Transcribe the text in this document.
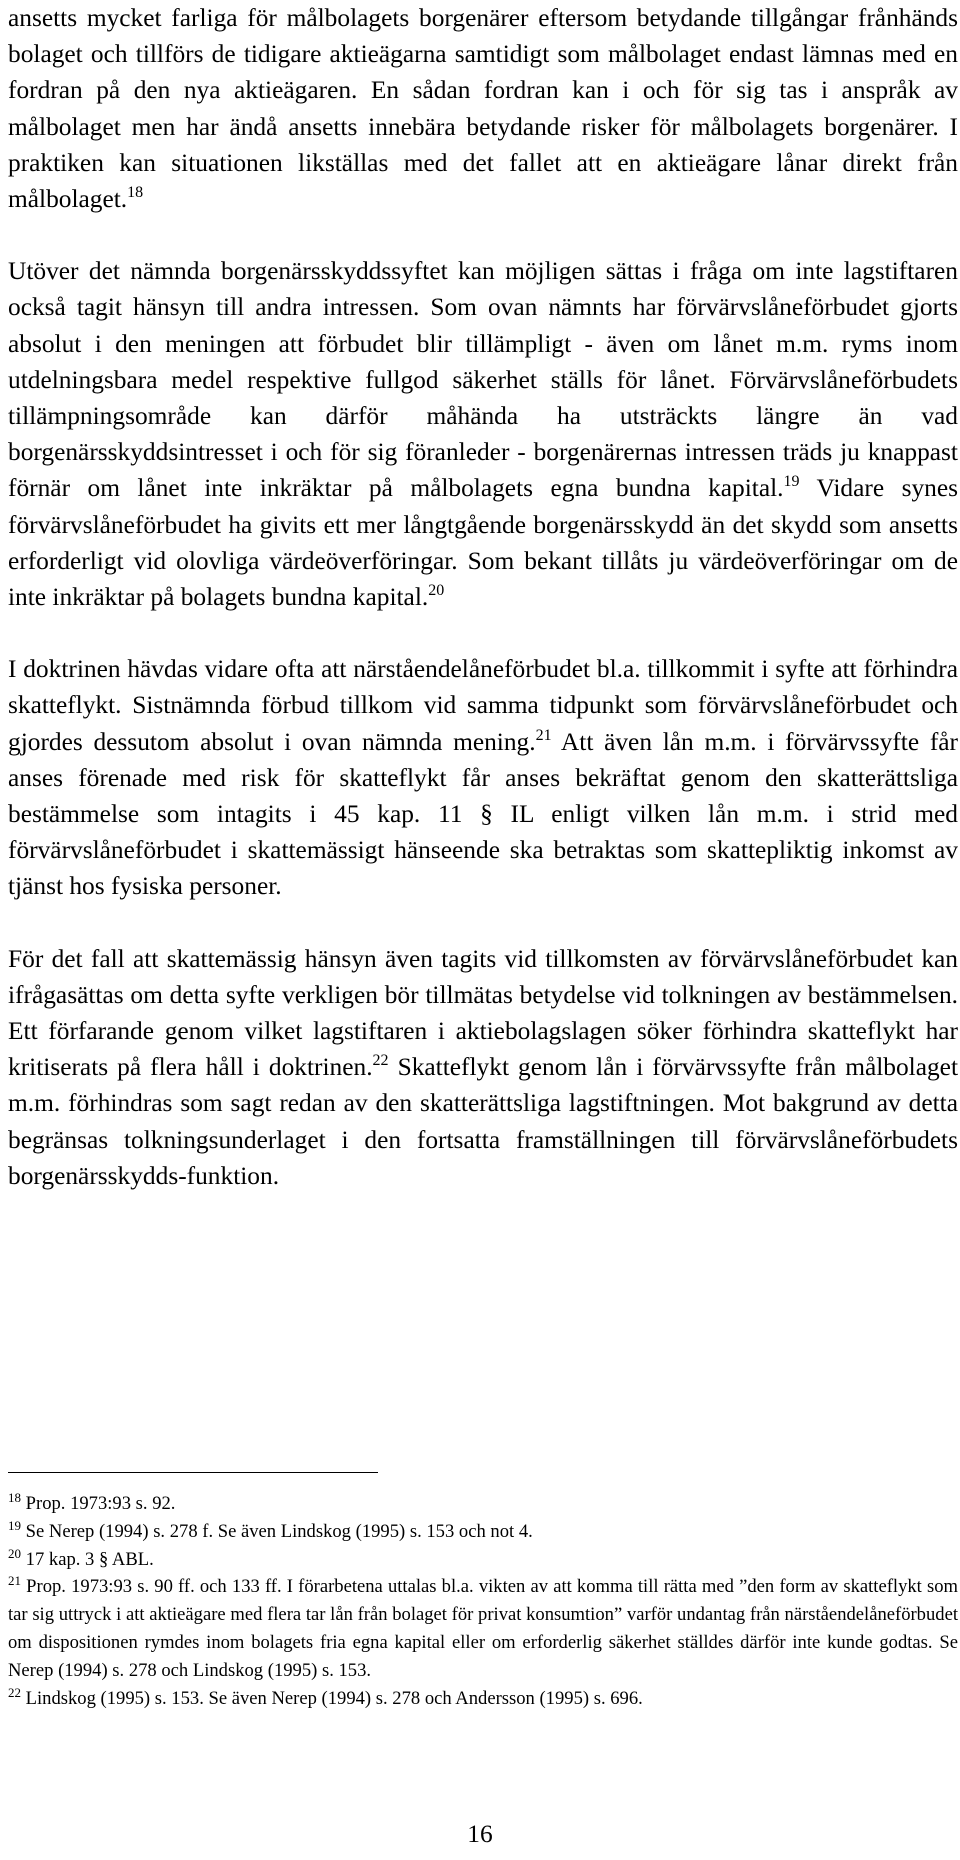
ansetts mycket farliga för målbolagets borgenärer eftersom betydande tillgångar frånhänds bolaget och tillförs de tidigare aktieägarna samtidigt som målbolaget endast lämnas med en fordran på den nya aktieägaren. En sådan fordran kan i och för sig tas i anspråk av målbolaget men har ändå ansetts innebära betydande risker för målbolagets borgenärer. I praktiken kan situationen likställas med det fallet att en aktieägare lånar direkt från målbolaget.$^{18}$

Utöver det nämnda borgenärsskyddssyftet kan möjligen sättas i fråga om inte lagstiftaren också tagit hänsyn till andra intressen. Som ovan nämnts har förvärvslåneförbudet gjorts absolut i den meningen att förbudet blir tillämpligt - även om lånet m.m. ryms inom utdelningsbara medel respektive fullgod säkerhet ställs för lånet. Förvärvslåneförbudets tillämpningsområde kan därför måhända ha utsträckts längre än vad borgenärsskyddsintresset i och för sig föranleder - borgenärernas intressen träds ju knappast förnär om lånet inte inkräktar på målbolagets egna bundna kapital.$^{19}$ Vidare synes förvärvslåneförbudet ha givits ett mer långtgående borgenärsskydd än det skydd som ansetts erforderligt vid olovliga värdeöverföringar. Som bekant tillåts ju värdeöverföringar om de inte inkräktar på bolagets bundna kapital.$^{20}$

I doktrinen hävdas vidare ofta att närståendelåneförbudet bl.a. tillkommit i syfte att förhindra skatteflykt. Sistnämnda förbud tillkom vid samma tidpunkt som förvärvslåneförbudet och gjordes dessutom absolut i ovan nämnda mening.$^{21}$ Att även lån m.m. i förvärvssyfte får anses förenade med risk för skatteflykt får anses bekräftat genom den skatterättsliga bestämmelse som intagits i 45 kap. 11 § IL enligt vilken lån m.m. i strid med förvärvslåneförbudet i skattemässigt hänseende ska betraktas som skattepliktig inkomst av tjänst hos fysiska personer.

För det fall att skattemässig hänsyn även tagits vid tillkomsten av förvärvslåneförbudet kan ifrågasättas om detta syfte verkligen bör tillmätas betydelse vid tolkningen av bestämmelsen. Ett förfarande genom vilket lagstiftaren i aktiebolagslagen söker förhindra skatteflykt har kritiserats på flera håll i doktrinen.$^{22}$ Skatteflykt genom lån i förvärvssyfte från målbolaget m.m. förhindras som sagt redan av den skatterättsliga lagstiftningen. Mot bakgrund av detta begränsas tolkningsunderlaget i den fortsatta framställningen till förvärvslåneförbudets borgenärsskydds-funktion.

$^{18}$ Prop. 1973:93 s. 92.

$^{19}$ Se Nerep (1994) s. 278 f. Se även Lindskog (1995) s. 153 och not 4.

$^{20}$ 17 kap. 3 § ABL.

$^{21}$ Prop. 1973:93 s. 90 ff. och 133 ff. I förarbetena uttalas bl.a. vikten av att komma till rätta med ”den form av skatteflykt som tar sig uttryck i att aktieägare med flera tar lån från bolaget för privat konsumtion” varför undantag från närståendelåneförbudet om dispositionen rymdes inom bolagets fria egna kapital eller om erforderlig säkerhet ställdes därför inte kunde godtas. Se Nerep (1994) s. 278 och Lindskog (1995) s. 153.

$^{22}$ Lindskog (1995) s. 153. Se även Nerep (1994) s. 278 och Andersson (1995) s. 696.

16
